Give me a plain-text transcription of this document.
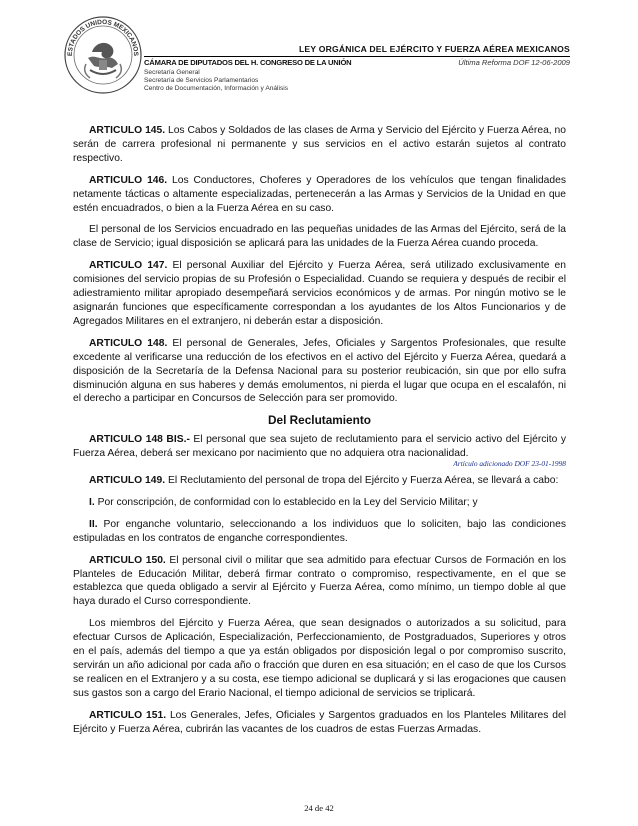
ESTADOS UNIDOS MEXICANOS	LEY ORGÁNICA DEL EJÉRCITO Y FUERZA AÉREA MEXICANOS
CÁMARA DE DIPUTADOS DEL H. CONGRESO DE LA UNIÓN	Última Reforma DOF 12-06-2009
Secretaría General
Secretaría de Servicios Parlamentarios
Centro de Documentación, Información y Análisis

ARTICULO 145. Los Cabos y Soldados de las clases de Arma y Servicio del Ejército y Fuerza Aérea, no serán de carrera profesional ni permanente y sus servicios en el activo estarán sujetos al contrato respectivo.

ARTICULO 146. Los Conductores, Choferes y Operadores de los vehículos que tengan finalidades netamente tácticas o altamente especializadas, pertenecerán a las Armas y Servicios de la Unidad en que estén encuadrados, o bien a la Fuerza Aérea en su caso.

El personal de los Servicios encuadrado en las pequeñas unidades de las Armas del Ejército, será de la clase de Servicio; igual disposición se aplicará para las unidades de la Fuerza Aérea cuando proceda.

ARTICULO 147. El personal Auxiliar del Ejército y Fuerza Aérea, será utilizado exclusivamente en comisiones del servicio propias de su Profesión o Especialidad. Cuando se requiera y después de recibir el adiestramiento militar apropiado desempeñará servicios económicos y de armas. Por ningún motivo se le asignarán funciones que específicamente correspondan a los ayudantes de los Altos Funcionarios y de Agregados Militares en el extranjero, ni deberán estar a disposición.

ARTICULO 148. El personal de Generales, Jefes, Oficiales y Sargentos Profesionales, que resulte excedente al verificarse una reducción de los efectivos en el activo del Ejército y Fuerza Aérea, quedará a disposición de la Secretaría de la Defensa Nacional para su posterior reubicación, sin que por ello sufra disminución alguna en sus haberes y demás emolumentos, ni pierda el lugar que ocupa en el escalafón, ni el derecho a participar en Concursos de Selección para ser promovido.

Del Reclutamiento

ARTICULO 148 BIS.- El personal que sea sujeto de reclutamiento para el servicio activo del Ejército y Fuerza Aérea, deberá ser mexicano por nacimiento que no adquiera otra nacionalidad.
Artículo adicionado DOF 23-01-1998

ARTICULO 149. El Reclutamiento del personal de tropa del Ejército y Fuerza Aérea, se llevará a cabo:

I. Por conscripción, de conformidad con lo establecido en la Ley del Servicio Militar; y

II. Por enganche voluntario, seleccionando a los individuos que lo soliciten, bajo las condiciones estipuladas en los contratos de enganche correspondientes.

ARTICULO 150. El personal civil o militar que sea admitido para efectuar Cursos de Formación en los Planteles de Educación Militar, deberá firmar contrato o compromiso, respectivamente, en el que se establezca que queda obligado a servir al Ejército y Fuerza Aérea, como mínimo, un tiempo doble al que haya durado el Curso correspondiente.

Los miembros del Ejército y Fuerza Aérea, que sean designados o autorizados a su solicitud, para efectuar Cursos de Aplicación, Especialización, Perfeccionamiento, de Postgraduados, Superiores y otros en el país, además del tiempo a que ya están obligados por disposición legal o por compromiso suscrito, servirán un año adicional por cada año o fracción que duren en esa situación; en el caso de que los Cursos se realicen en el Extranjero y a su costa, ese tiempo adicional se duplicará y si las erogaciones que causen sus gastos son a cargo del Erario Nacional, el tiempo adicional de servicios se triplicará.

ARTICULO 151. Los Generales, Jefes, Oficiales y Sargentos graduados en los Planteles Militares del Ejército y Fuerza Aérea, cubrirán las vacantes de los cuadros de estas Fuerzas Armadas.

24 de 42
